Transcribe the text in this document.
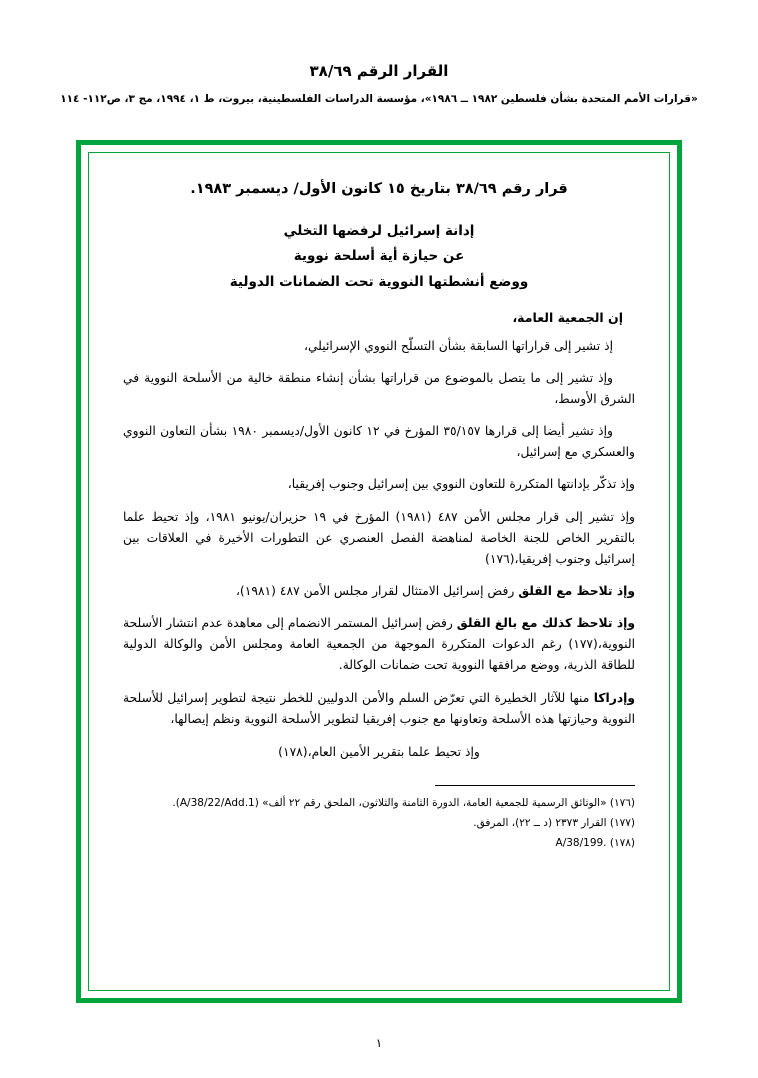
القرار الرقم ٣٨/٦٩
«قرارات الأمم المتحدة بشأن فلسطين ١٩٨٢ ــ ١٩٨٦»، مؤسسة الدراسات الفلسطينية، بيروت، ط ١، ١٩٩٤، مج ٣، ص١١٢- ١١٤
قرار رقم ٣٨/٦٩ بتاريخ ١٥ كانون الأول/ ديسمبر ١٩٨٣.
إدانة إسرائيل لرفضها التخلي
عن حيازة أية أسلحة نووية
ووضع أنشطتها النووية تحت الضمانات الدولية
إن الجمعية العامة،

إذ تشير إلى قراراتها السابقة بشأن التسلّح النووي الإسرائيلي،

وإذ تشير إلى ما يتصل بالموضوع من قراراتها بشأن إنشاء منطقة خالية من الأسلحة النووية في الشرق الأوسط،

وإذ تشير أيضا إلى قرارها ٣٥/١٥٧ المؤرخ في ١٢ كانون الأول/ديسمبر ١٩٨٠ بشأن التعاون النووي والعسكري مع إسرائيل،

وإذ تذكّر بإدانتها المتكررة للتعاون النووي بين إسرائيل وجنوب إفريقيا،

وإذ تشير إلى قرار مجلس الأمن ٤٨٧ (١٩٨١) المؤرخ في ١٩ حزيران/يونيو ١٩٨١، وإذ تحيط علما بالتقرير الخاص للجنة الخاصة لمناهضة الفصل العنصري عن التطورات الأخيرة في العلاقات بين إسرائيل وجنوب إفريقيا،(١٧٦)

وإذ تلاحظ مع القلق رفض إسرائيل الامتثال لقرار مجلس الأمن ٤٨٧ (١٩٨١)،

وإذ تلاحظ كذلك مع بالغ القلق رفض إسرائيل المستمر الانضمام إلى معاهدة عدم انتشار الأسلحة النووية،(١٧٧) رغم الدعوات المتكررة الموجهة من الجمعية العامة ومجلس الأمن والوكالة الدولية للطاقة الذرية، ووضع مرافقها النووية تحت ضمانات الوكالة.

وإدراكا منها للآثار الخطيرة التي تعرّض السلم والأمن الدوليين للخطر نتيجة لتطوير إسرائيل للأسلحة النووية وحيازتها هذه الأسلحة وتعاونها مع جنوب إفريقيا لتطوير الأسلحة النووية ونظم إيصالها،

وإذ تحيط علما بتقرير الأمين العام،(١٧٨)

(١٧٦) «الوثائق الرسمية للجمعية العامة، الدورة الثامنة والثلاثون، الملحق رقم ٢٢ ألف» (A/38/22/Add.1).

(١٧٧) القرار ٢٣٧٣ (د ــ ٢٢)، المرفق.

(١٧٨) A/38/199.

١
